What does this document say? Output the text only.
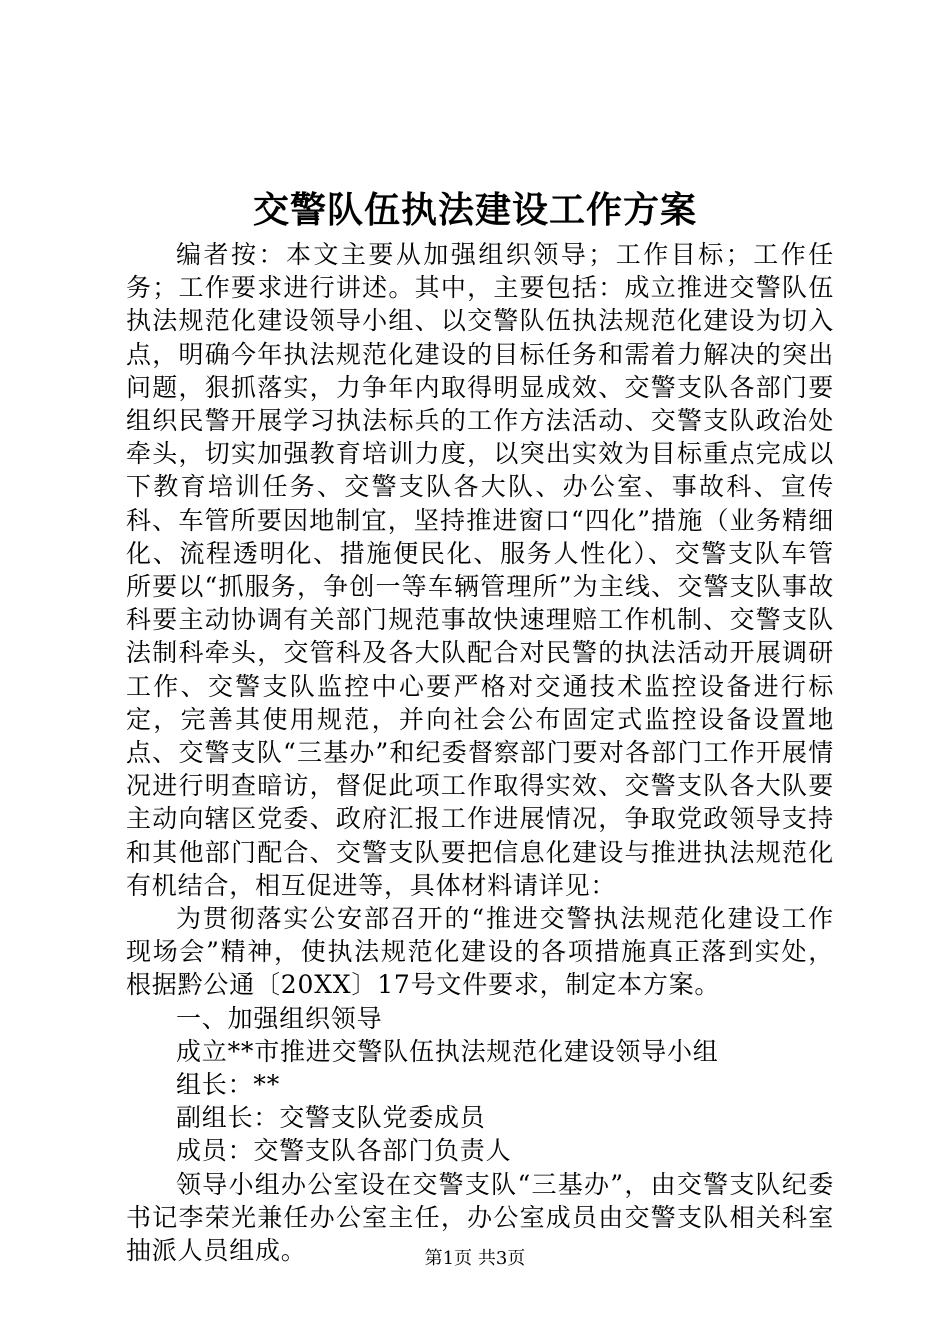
交警队伍执法建设工作方案

编者按：本文主要从加强组织领导；工作目标；工作任务；工作要求进行讲述。其中，主要包括：成立推进交警队伍执法规范化建设领导小组、以交警队伍执法规范化建设为切入点，明确今年执法规范化建设的目标任务和需着力解决的突出问题，狠抓落实，力争年内取得明显成效、交警支队各部门要组织民警开展学习执法标兵的工作方法活动、交警支队政治处牵头，切实加强教育培训力度，以突出实效为目标重点完成以下教育培训任务、交警支队各大队、办公室、事故科、宣传科、车管所要因地制宜，坚持推进窗口“四化”措施（业务精细化、流程透明化、措施便民化、服务人性化）、交警支队车管所要以“抓服务，争创一等车辆管理所”为主线、交警支队事故科要主动协调有关部门规范事故快速理赔工作机制、交警支队法制科牵头，交管科及各大队配合对民警的执法活动开展调研工作、交警支队监控中心要严格对交通技术监控设备进行标定，完善其使用规范，并向社会公布固定式监控设备设置地点、交警支队“三基办”和纪委督察部门要对各部门工作开展情况进行明查暗访，督促此项工作取得实效、交警支队各大队要主动向辖区党委、政府汇报工作进展情况，争取党政领导支持和其他部门配合、交警支队要把信息化建设与推进执法规范化有机结合，相互促进等，具体材料请详见：

为贯彻落实公安部召开的“推进交警执法规范化建设工作现场会”精神，使执法规范化建设的各项措施真正落到实处，根据黔公通〔20XX〕17号文件要求，制定本方案。

一、加强组织领导

成立**市推进交警队伍执法规范化建设领导小组

组长：**

副组长：交警支队党委成员

成员：交警支队各部门负责人

领导小组办公室设在交警支队“三基办”，由交警支队纪委书记李荣光兼任办公室主任，办公室成员由交警支队相关科室抽派人员组成。	第1页 共3页
